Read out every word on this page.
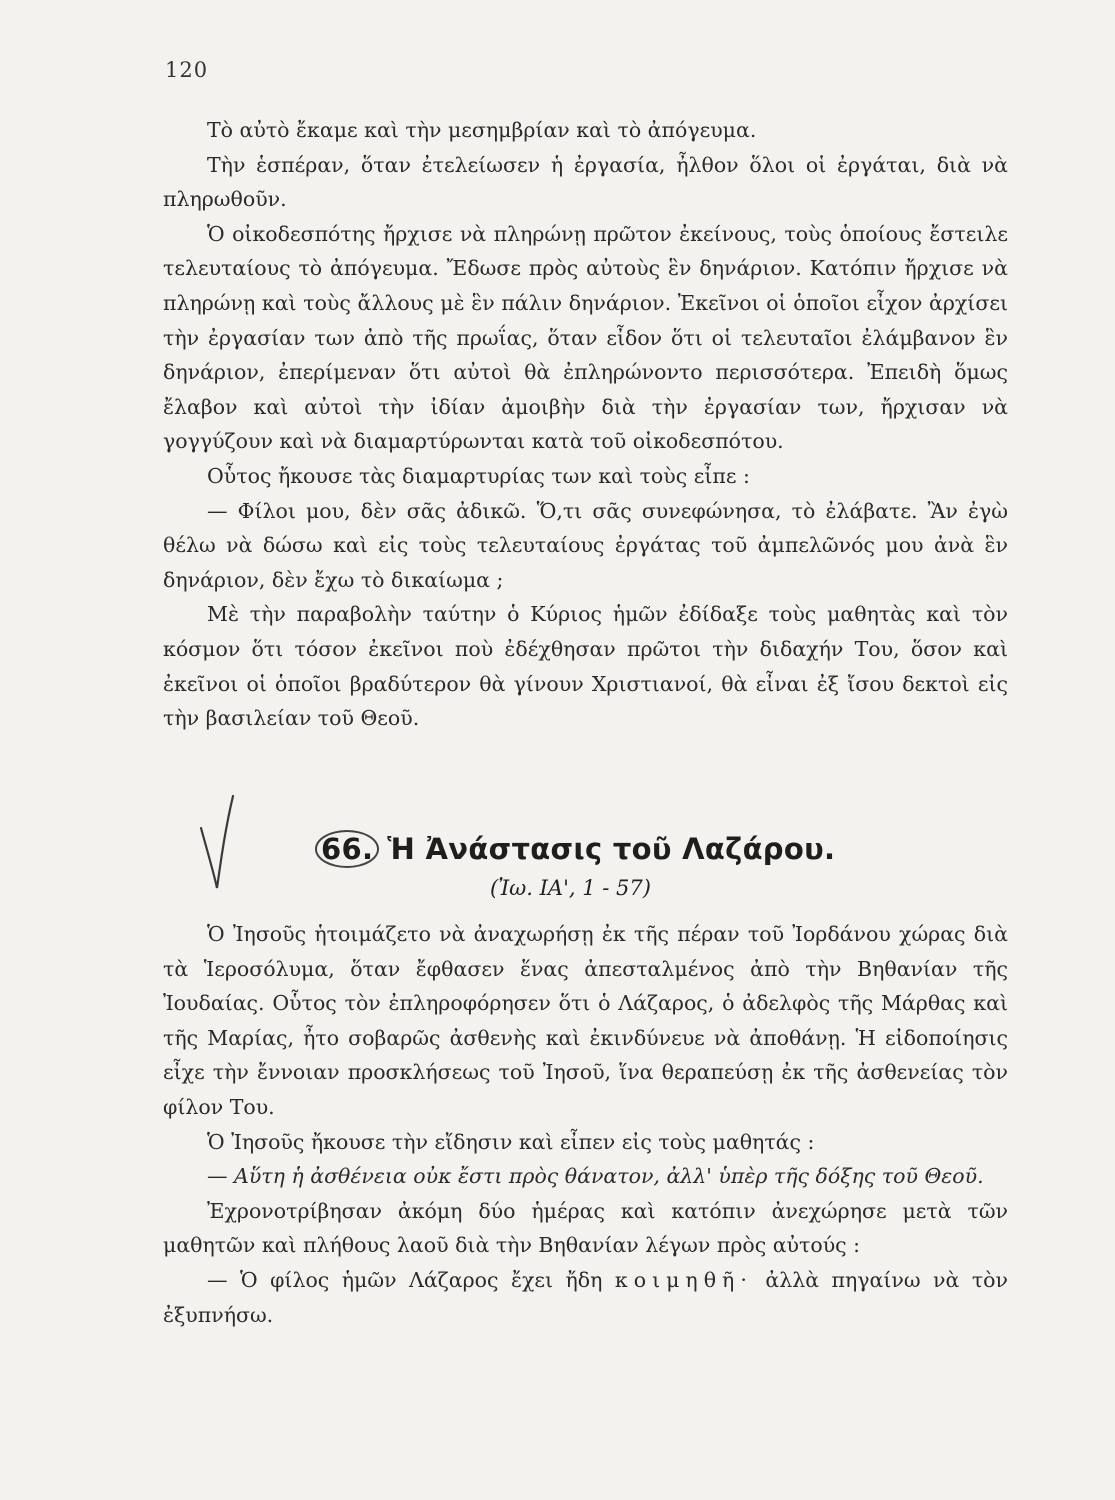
120

Τὸ αὐτὸ ἔκαμε καὶ τὴν μεσημβρίαν καὶ τὸ ἀπόγευμα.

Τὴν ἑσπέραν, ὅταν ἐτελείωσεν ἡ ἐργασία, ἦλθον ὅλοι οἱ ἐργάται, διὰ νὰ πληρωθοῦν.

Ὁ οἰκοδεσπότης ἤρχισε νὰ πληρώνῃ πρῶτον ἐκείνους, τοὺς ὁποίους ἔστειλε τελευταίους τὸ ἀπόγευμα. Ἔδωσε πρὸς αὐτοὺς ἓν δηνάριον. Κατόπιν ἤρχισε νὰ πληρώνῃ καὶ τοὺς ἄλλους μὲ ἓν πάλιν δηνάριον. Ἐκεῖνοι οἱ ὁποῖοι εἶχον ἀρχίσει τὴν ἐργασίαν των ἀπὸ τῆς πρωΐας, ὅταν εἶδον ὅτι οἱ τελευταῖοι ἐλάμβανον ἓν δηνάριον, ἐπερίμεναν ὅτι αὐτοὶ θὰ ἐπληρώνοντο περισσότερα. Ἐπειδὴ ὅμως ἔλαβον καὶ αὐτοὶ τὴν ἰδίαν ἀμοιβὴν διὰ τὴν ἐργασίαν των, ἤρχισαν νὰ γογγύζουν καὶ νὰ διαμαρτύρωνται κατὰ τοῦ οἰκοδεσπότου.

Οὗτος ἤκουσε τὰς διαμαρτυρίας των καὶ τοὺς εἶπε :

— Φίλοι μου, δὲν σᾶς ἀδικῶ. Ὅ,τι σᾶς συνεφώνησα, τὸ ἐλάβατε. Ἂν ἐγὼ θέλω νὰ δώσω καὶ εἰς τοὺς τελευταίους ἐργάτας τοῦ ἀμπελῶνός μου ἀνὰ ἓν δηνάριον, δὲν ἔχω τὸ δικαίωμα ;

Μὲ τὴν παραβολὴν ταύτην ὁ Κύριος ἡμῶν ἐδίδαξε τοὺς μαθητὰς καὶ τὸν κόσμον ὅτι τόσον ἐκεῖνοι ποὺ ἐδέχθησαν πρῶτοι τὴν διδαχήν Του, ὅσον καὶ ἐκεῖνοι οἱ ὁποῖοι βραδύτερον θὰ γίνουν Χριστιανοί, θὰ εἶναι ἐξ ἴσου δεκτοὶ εἰς τὴν βασιλείαν τοῦ Θεοῦ.

66. Ἡ Ἀνάστασις τοῦ Λαζάρου.
(Ἰω. ΙΑ', 1 - 57)

Ὁ Ἰησοῦς ἡτοιμάζετο νὰ ἀναχωρήσῃ ἐκ τῆς πέραν τοῦ Ἰορδάνου χώρας διὰ τὰ Ἱεροσόλυμα, ὅταν ἔφθασεν ἕνας ἀπεσταλμένος ἀπὸ τὴν Βηθανίαν τῆς Ἰουδαίας. Οὗτος τὸν ἐπληροφόρησεν ὅτι ὁ Λάζαρος, ὁ ἀδελφὸς τῆς Μάρθας καὶ τῆς Μαρίας, ἦτο σοβαρῶς ἀσθενὴς καὶ ἐκινδύνευε νὰ ἀποθάνῃ. Ἡ εἰδοποίησις εἶχε τὴν ἔννοιαν προσκλήσεως τοῦ Ἰησοῦ, ἵνα θεραπεύσῃ ἐκ τῆς ἀσθενείας τὸν φίλον Του.

Ὁ Ἰησοῦς ἤκουσε τὴν εἴδησιν καὶ εἶπεν εἰς τοὺς μαθητάς :

— Αὕτη ἡ ἀσθένεια οὐκ ἔστι πρὸς θάνατον, ἀλλ' ὑπὲρ τῆς δόξης τοῦ Θεοῦ.

Ἐχρονοτρίβησαν ἀκόμη δύο ἡμέρας καὶ κατόπιν ἀνεχώρησε μετὰ τῶν μαθητῶν καὶ πλήθους λαοῦ διὰ τὴν Βηθανίαν λέγων πρὸς αὐτούς :

— Ὁ φίλος ἡμῶν Λάζαρος ἔχει ἤδη κοιμηθῆ· ἀλλὰ πηγαίνω νὰ τὸν ἐξυπνήσω.
